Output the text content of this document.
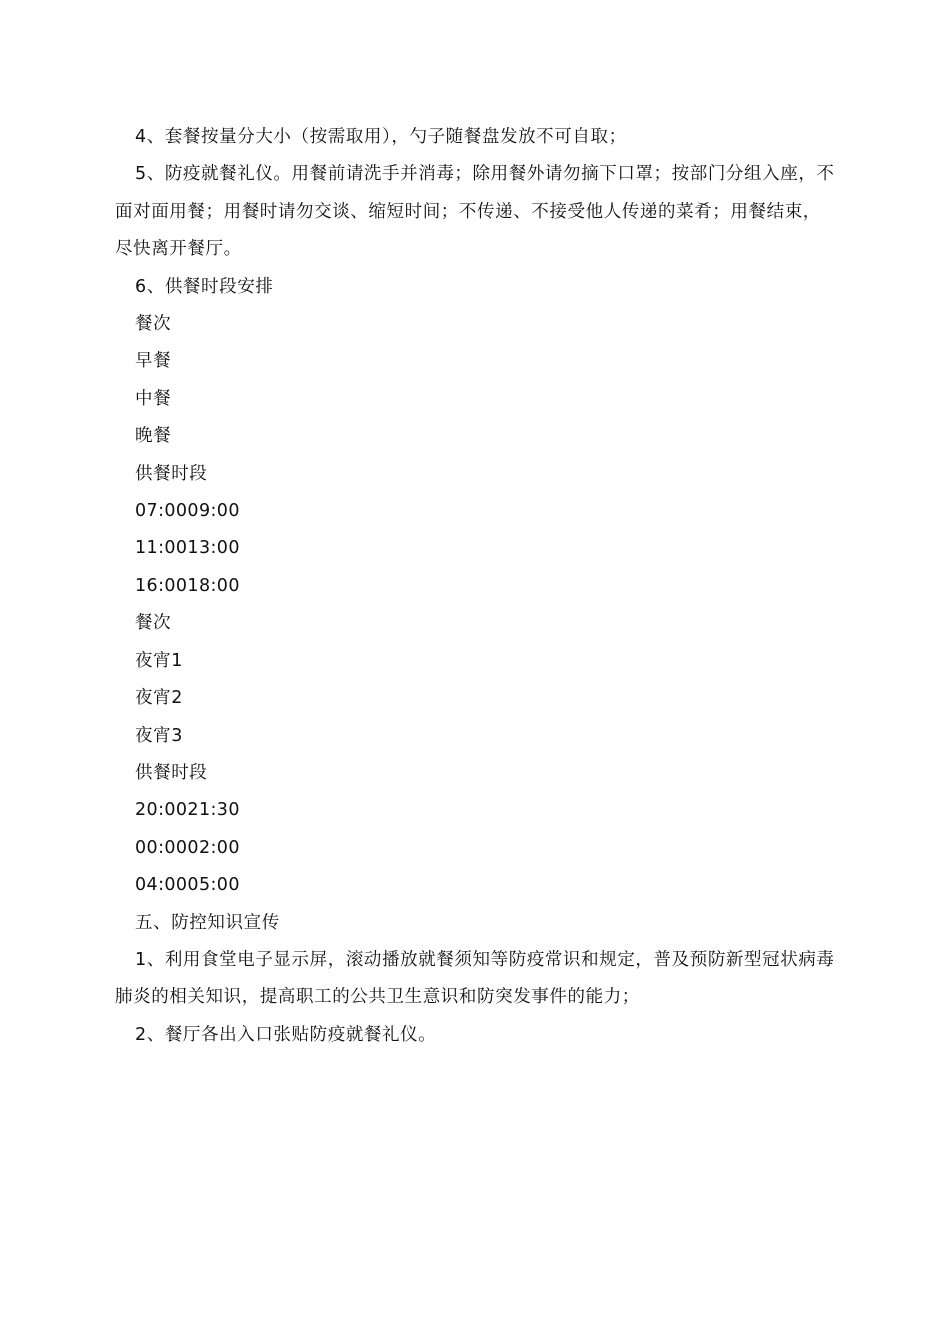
4、套餐按量分大小（按需取用），勺子随餐盘发放不可自取；

5、防疫就餐礼仪。用餐前请洗手并消毒；除用餐外请勿摘下口罩；按部门分组入座，不面对面用餐；用餐时请勿交谈、缩短时间；不传递、不接受他人传递的菜肴；用餐结束，尽快离开餐厅。

6、供餐时段安排

餐次

早餐

中餐

晚餐

供餐时段

07:0009:00

11:0013:00

16:0018:00

餐次

夜宵1

夜宵2

夜宵3

供餐时段

20:0021:30

00:0002:00

04:0005:00

五、防控知识宣传

1、利用食堂电子显示屏，滚动播放就餐须知等防疫常识和规定，普及预防新型冠状病毒肺炎的相关知识，提高职工的公共卫生意识和防突发事件的能力；

2、餐厅各出入口张贴防疫就餐礼仪。
